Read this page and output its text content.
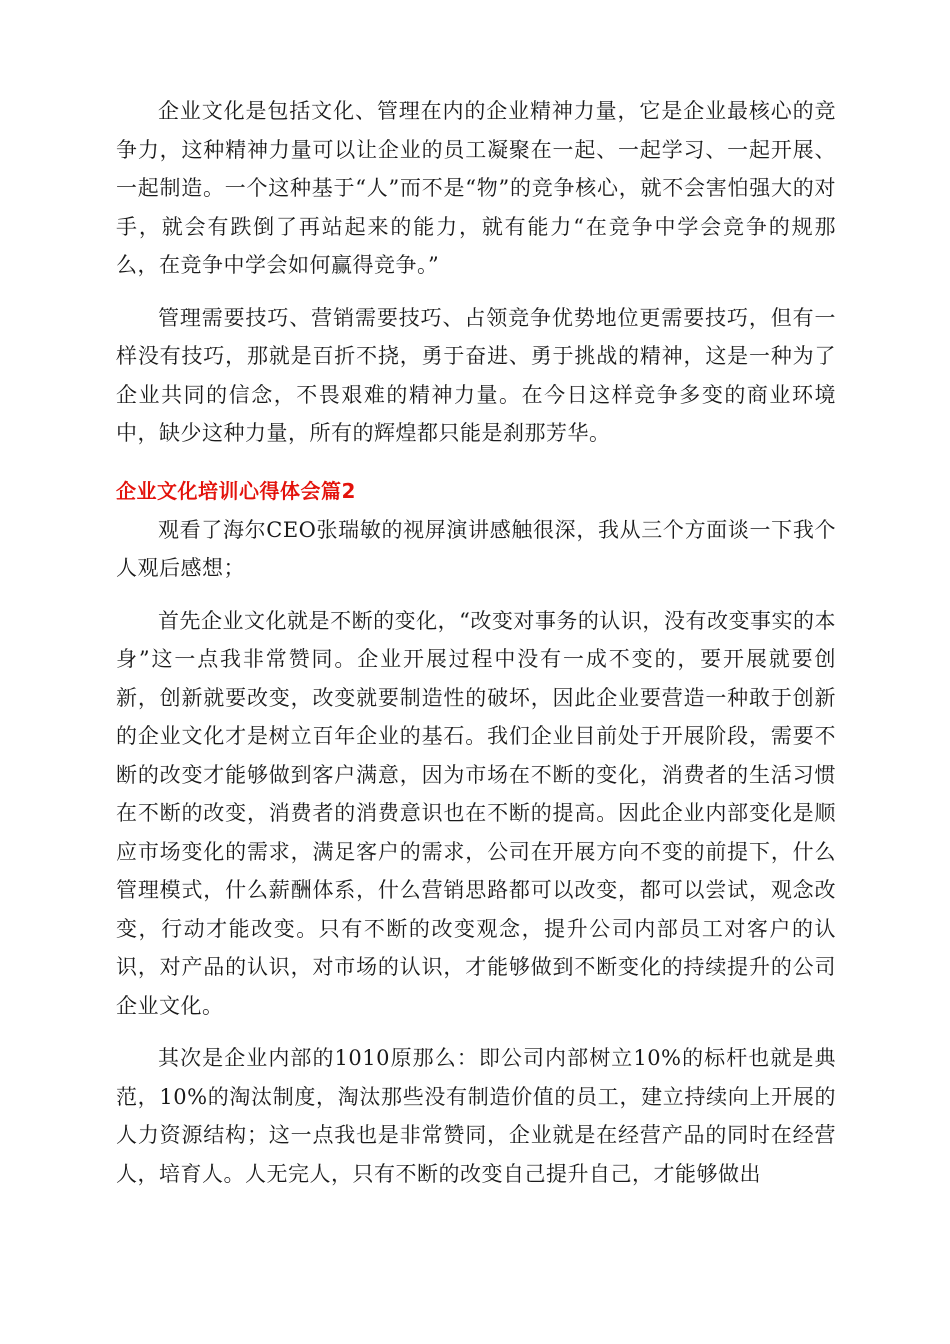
企业文化是包括文化、管理在内的企业精神力量，它是企业最核心的竞争力，这种精神力量可以让企业的员工凝聚在一起、一起学习、一起开展、一起制造。一个这种基于“人”而不是“物”的竞争核心，就不会害怕强大的对手，就会有跌倒了再站起来的能力，就有能力“在竞争中学会竞争的规那么，在竞争中学会如何赢得竞争。”

管理需要技巧、营销需要技巧、占领竞争优势地位更需要技巧，但有一样没有技巧，那就是百折不挠，勇于奋进、勇于挑战的精神，这是一种为了企业共同的信念，不畏艰难的精神力量。在今日这样竞争多变的商业环境中，缺少这种力量，所有的辉煌都只能是刹那芳华。

企业文化培训心得体会篇2

观看了海尔CEO张瑞敏的视屏演讲感触很深，我从三个方面谈一下我个人观后感想；

首先企业文化就是不断的变化，“改变对事务的认识，没有改变事实的本身”这一点我非常赞同。企业开展过程中没有一成不变的，要开展就要创新，创新就要改变，改变就要制造性的破坏，因此企业要营造一种敢于创新的企业文化才是树立百年企业的基石。我们企业目前处于开展阶段，需要不断的改变才能够做到客户满意，因为市场在不断的变化，消费者的生活习惯在不断的改变，消费者的消费意识也在不断的提高。因此企业内部变化是顺应市场变化的需求，满足客户的需求，公司在开展方向不变的前提下，什么管理模式，什么薪酬体系，什么营销思路都可以改变，都可以尝试，观念改变，行动才能改变。只有不断的改变观念，提升公司内部员工对客户的认识，对产品的认识，对市场的认识，才能够做到不断变化的持续提升的公司企业文化。

其次是企业内部的1010原那么：即公司内部树立10%的标杆也就是典范，10%的淘汰制度，淘汰那些没有制造价值的员工，建立持续向上开展的人力资源结构；这一点我也是非常赞同，企业就是在经营产品的同时在经营人，培育人。人无完人，只有不断的改变自己提升自己，才能够做出
